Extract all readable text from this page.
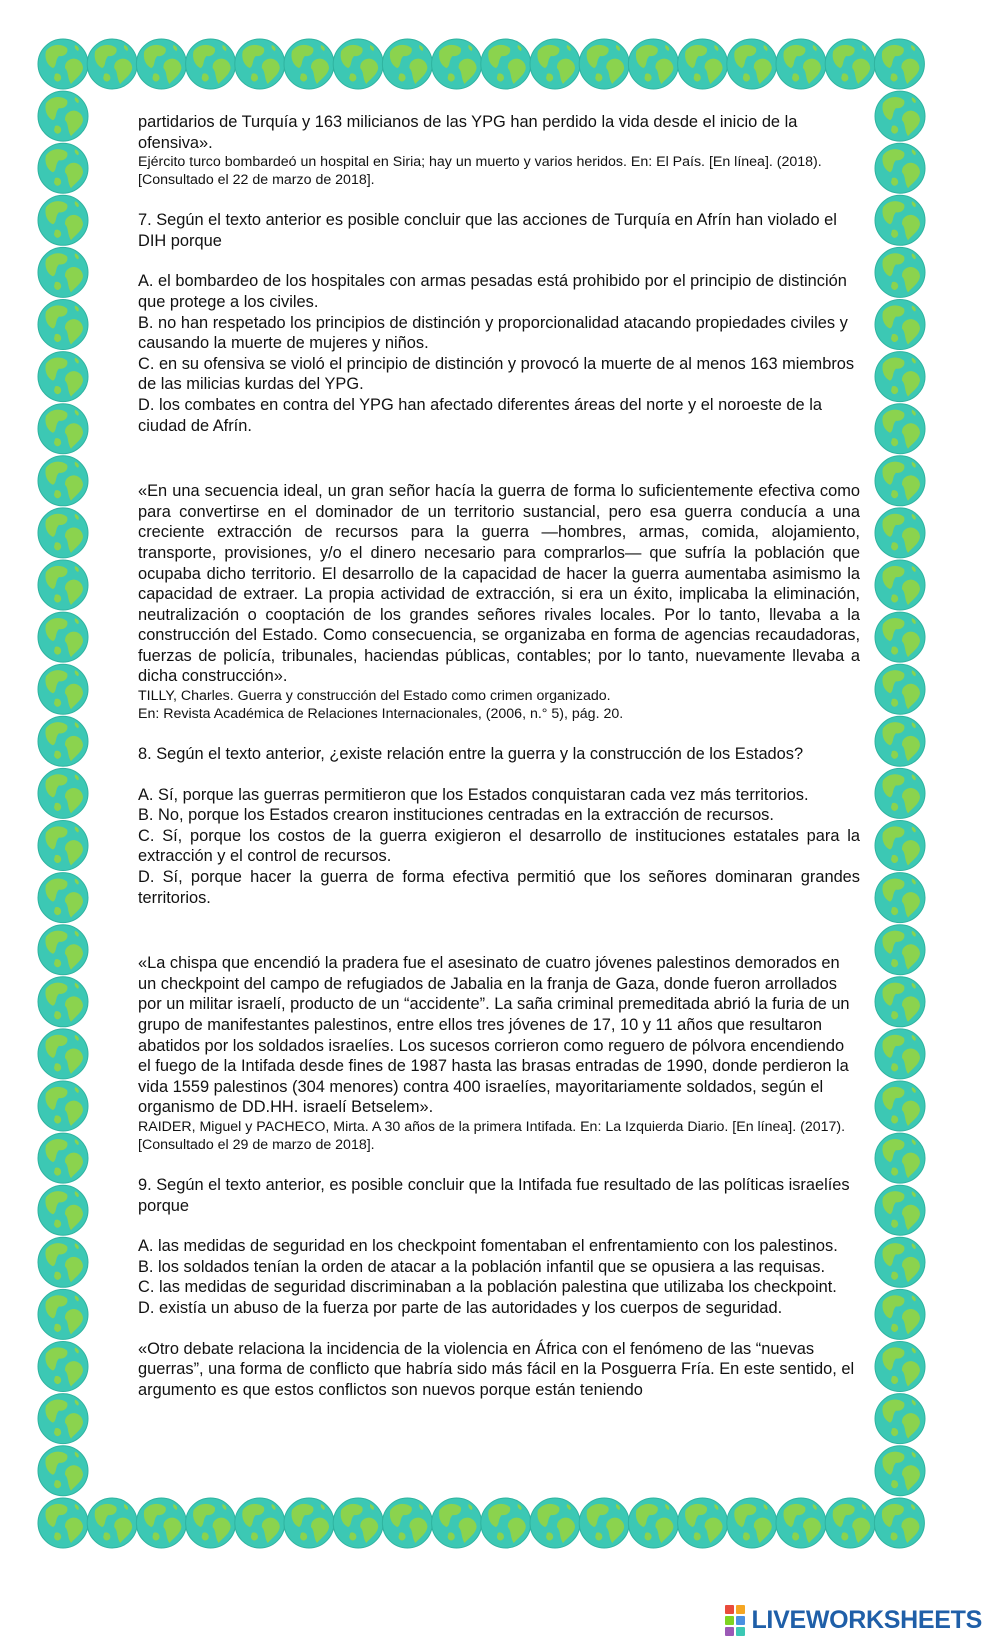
partidarios de Turquía y 163 milicianos de las YPG han perdido la vida desde el inicio de la ofensiva».

Ejército turco bombardeó un hospital en Siria; hay un muerto y varios heridos. En: El País. [En línea]. (2018). [Consultado el 22 de marzo de 2018].

7. Según el texto anterior es posible concluir que las acciones de Turquía en Afrín han violado el DIH porque

A. el bombardeo de los hospitales con armas pesadas está prohibido por el principio de distinción que protege a los civiles.

B. no han respetado los principios de distinción y proporcionalidad atacando propiedades civiles y causando la muerte de mujeres y niños.

C. en su ofensiva se violó el principio de distinción y provocó la muerte de al menos 163 miembros de las milicias kurdas del YPG.

D. los combates en contra del YPG han afectado diferentes áreas del norte y el noroeste de la ciudad de Afrín.

«En una secuencia ideal, un gran señor hacía la guerra de forma lo suficientemente efectiva como para convertirse en el dominador de un territorio sustancial, pero esa guerra conducía a una creciente extracción de recursos para la guerra —hombres, armas, comida, alojamiento, transporte, provisiones, y/o el dinero necesario para comprarlos— que sufría la población que ocupaba dicho territorio. El desarrollo de la capacidad de hacer la guerra aumentaba asimismo la capacidad de extraer. La propia actividad de extracción, si era un éxito, implicaba la eliminación, neutralización o cooptación de los grandes señores rivales locales. Por lo tanto, llevaba a la construcción del Estado. Como consecuencia, se organizaba en forma de agencias recaudadoras, fuerzas de policía, tribunales, haciendas públicas, contables; por lo tanto, nuevamente llevaba a dicha construcción».

TILLY, Charles. Guerra y construcción del Estado como crimen organizado.

En: Revista Académica de Relaciones Internacionales, (2006, n.° 5), pág. 20.

8. Según el texto anterior, ¿existe relación entre la guerra y la construcción de los Estados?

A. Sí, porque las guerras permitieron que los Estados conquistaran cada vez más territorios.

B. No, porque los Estados crearon instituciones centradas en la extracción de recursos.

C. Sí, porque los costos de la guerra exigieron el desarrollo de instituciones estatales para la extracción y el control de recursos.

D. Sí, porque hacer la guerra de forma efectiva permitió que los señores dominaran grandes territorios.

«La chispa que encendió la pradera fue el asesinato de cuatro jóvenes palestinos demorados en un checkpoint del campo de refugiados de Jabalia en la franja de Gaza, donde fueron arrollados por un militar israelí, producto de un “accidente”. La saña criminal premeditada abrió la furia de un grupo de manifestantes palestinos, entre ellos tres jóvenes de 17, 10 y 11 años que resultaron abatidos por los soldados israelíes. Los sucesos corrieron como reguero de pólvora encendiendo el fuego de la Intifada desde fines de 1987 hasta las brasas entradas de 1990, donde perdieron la vida 1559 palestinos (304 menores) contra 400 israelíes, mayoritariamente soldados, según el organismo de DD.HH. israelí Betselem».

RAIDER, Miguel y PACHECO, Mirta. A 30 años de la primera Intifada. En: La Izquierda Diario. [En línea]. (2017). [Consultado el 29 de marzo de 2018].

9. Según el texto anterior, es posible concluir que la Intifada fue resultado de las políticas israelíes porque

A. las medidas de seguridad en los checkpoint fomentaban el enfrentamiento con los palestinos.

B. los soldados tenían la orden de atacar a la población infantil que se opusiera a las requisas.

C. las medidas de seguridad discriminaban a la población palestina que utilizaba los checkpoint.

D. existía un abuso de la fuerza por parte de las autoridades y los cuerpos de seguridad.

«Otro debate relaciona la incidencia de la violencia en África con el fenómeno de las “nuevas guerras”, una forma de conflicto que habría sido más fácil en la Posguerra Fría. En este sentido, el argumento es que estos conflictos son nuevos porque están teniendo

LIVEWORKSHEETS
